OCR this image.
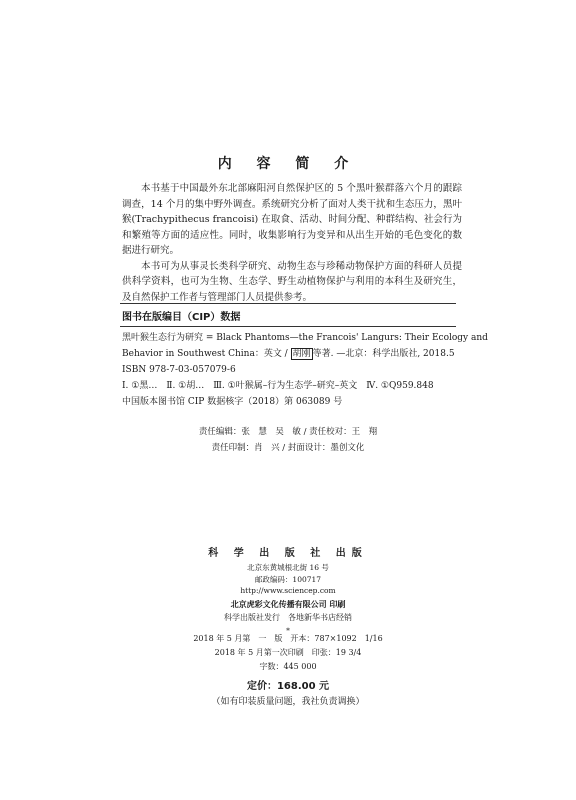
内 容 简 介

本书基于中国最外东北部麻阳河自然保护区的 5 个黑叶猴群落六个月的跟踪调查，14 个月的集中野外调查。系统研究分析了面对人类干扰和生态压力，黑叶猴(Trachypithecus francoisi) 在取食、活动、时间分配、种群结构、社会行为和繁殖等方面的适应性。同时，收集影响行为变异和从出生开始的毛色变化的数据进行研究。

本书可为从事灵长类科学研究、动物生态与珍稀动物保护方面的科研人员提供科学资料，也可为生物、生态学、野生动植物保护与利用的本科生及研究生，及自然保护工作者与管理部门人员提供参考。

图书在版编目（CIP）数据
黑叶猴生态行为研究 = Black Phantoms—the Francois' Langurs: Their Ecology and
Behavior in Southwest China：英文 / 胡刚 等著. —北京：科学出版社, 2018.5
ISBN 978-7-03-057079-6
Ⅰ. ①黑…　Ⅱ. ①胡…　Ⅲ. ①叶猴属–行为生态学–研究–英文　Ⅳ. ①Q959.848
中国版本图书馆 CIP 数据核字（2018）第 063089 号
责任编辑：张　慧　吴　敏 / 责任校对：王　翔
责任印制：肖　兴 / 封面设计：墨创文化
科 学 出 版 社 出版
北京东黄城根北街 16 号
邮政编码：100717
http://www.sciencep.com
北京虎彩文化传播有限公司 印刷
科学出版社发行　各地新华书店经销
*
2018 年 5 月第　一　版　开本：787×1092　1/16
2018 年 5 月第一次印刷　印张：19 3/4
字数：445 000
定价：168.00 元
（如有印装质量问题，我社负责调换）
